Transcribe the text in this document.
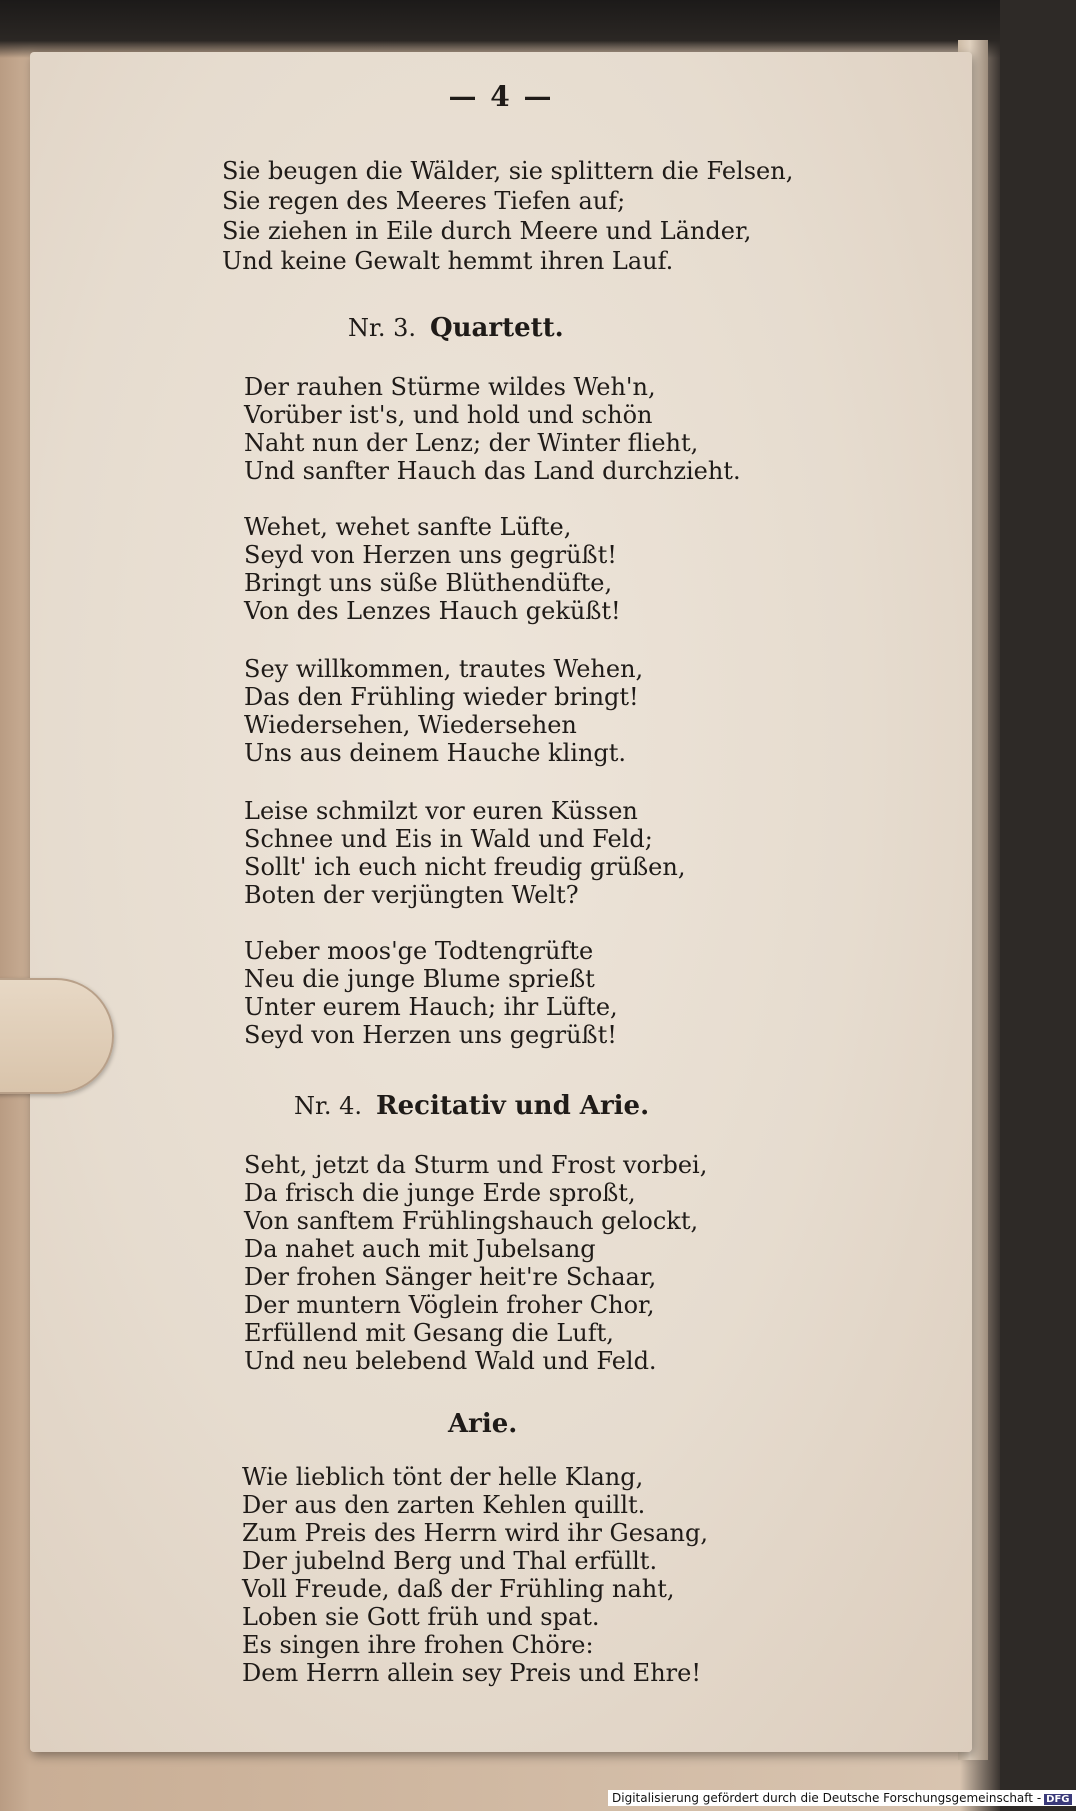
— 4 —
Sie beugen die Wälder, sie splittern die Felsen,
Sie regen des Meeres Tiefen auf;
Sie ziehen in Eile durch Meere und Länder,
Und keine Gewalt hemmt ihren Lauf.
Nr. 3. Quartett.
Der rauhen Stürme wildes Weh'n,
Vorüber ist's, und hold und schön
Naht nun der Lenz; der Winter flieht,
Und sanfter Hauch das Land durchzieht.
Wehet, wehet sanfte Lüfte,
Seyd von Herzen uns gegrüßt!
Bringt uns süße Blüthendüfte,
Von des Lenzes Hauch geküßt!
Sey willkommen, trautes Wehen,
Das den Frühling wieder bringt!
Wiedersehen, Wiedersehen
Uns aus deinem Hauche klingt.
Leise schmilzt vor euren Küssen
Schnee und Eis in Wald und Feld;
Sollt' ich euch nicht freudig grüßen,
Boten der verjüngten Welt?
Ueber moos'ge Todtengrüfte
Neu die junge Blume sprießt
Unter eurem Hauch; ihr Lüfte,
Seyd von Herzen uns gegrüßt!
Nr. 4. Recitativ und Arie.
Seht, jetzt da Sturm und Frost vorbei,
Da frisch die junge Erde sproßt,
Von sanftem Frühlingshauch gelockt,
Da nahet auch mit Jubelsang
Der frohen Sänger heit're Schaar,
Der muntern Vöglein froher Chor,
Erfüllend mit Gesang die Luft,
Und neu belebend Wald und Feld.
Arie.
Wie lieblich tönt der helle Klang,
Der aus den zarten Kehlen quillt.
Zum Preis des Herrn wird ihr Gesang,
Der jubelnd Berg und Thal erfüllt.
Voll Freude, daß der Frühling naht,
Loben sie Gott früh und spat.
Es singen ihre frohen Chöre:
Dem Herrn allein sey Preis und Ehre!
Digitalisierung gefördert durch die Deutsche Forschungsgemeinschaft - DFG
